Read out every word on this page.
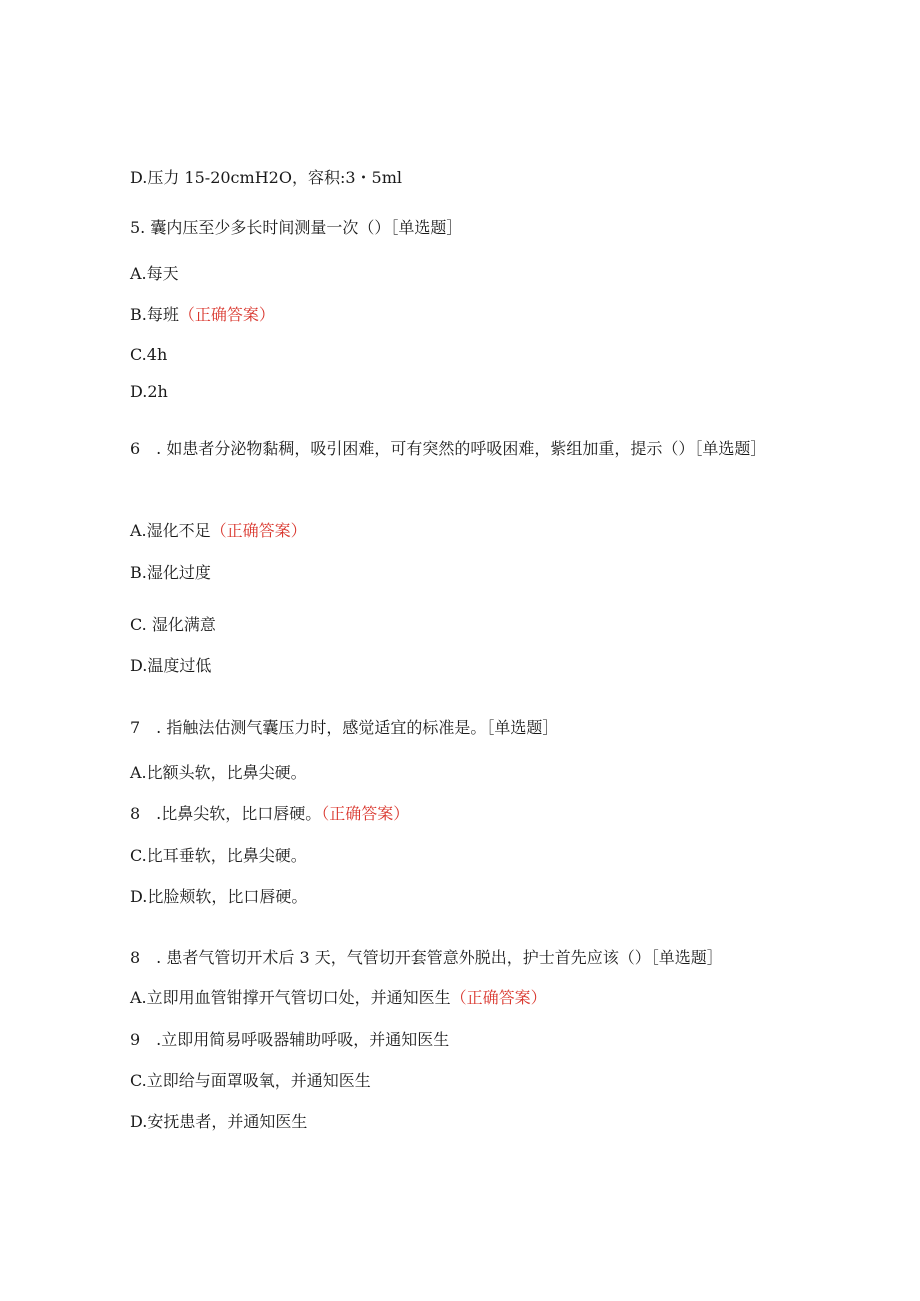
D.压力 15-20cmH2O，容积:3・5ml
5. 囊内压至少多长时间测量一次（）［单选题］
A.每天
B.每班（正确答案）
C.4h
D.2h
6　. 如患者分泌物黏稠，吸引困难，可有突然的呼吸困难，紫组加重，提示（）［单选题］
A.湿化不足（正确答案）
B.湿化过度
C. 湿化满意
D.温度过低
7　. 指触法估测气囊压力时，感觉适宜的标准是。［单选题］
A.比额头软，比鼻尖硬。
8　.比鼻尖软，比口唇硬。（正确答案）
C.比耳垂软，比鼻尖硬。
D.比脸颊软，比口唇硬。
8　. 患者气管切开术后 3 天，气管切开套管意外脱出，护士首先应该（）［单选题］
A.立即用血管钳撑开气管切口处，并通知医生（正确答案）
9　.立即用简易呼吸器辅助呼吸，并通知医生
C.立即给与面罩吸氧，并通知医生
D.安抚患者，并通知医生
